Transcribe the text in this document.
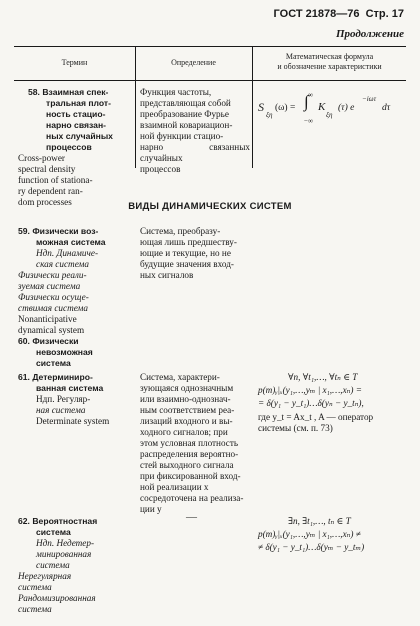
ГОСТ 21878—76 Стр. 17
Продолжение
Термин	Определение
Математическая формула
и обозначение характеристики
58. Взаимная спек-
тральная плот-
ность стацио-
нарно связан-
ных случайных
процессов
Cross-power
spectral density
function of stationa-
ry dependent ran-
dom processes
Функция частоты,
представляющая собой
преобразование Фурье
взаимной ковариацион-
ной функции стацио-
нарно связанных случайных
процессов
S
ξη
(ω) =
∞
∫
−∞
K
ξη
(τ) e
−iωτ
dτ
ВИДЫ ДИНАМИЧЕСКИХ СИСТЕМ
59. Физически воз-
можная система
Ндп. Динамиче-
ская система
Физически реали-
зуемая система
Физически осуще-
ствимая система
Nonanticipative
dynamical system
Система, преобразу-
ющая лишь предшеству-
ющие и текущие, но не
будущие значения вход-
ных сигналов
60. Физически
невозможная
система
61. Детерминиро-
ванная система
Ндп. Регуляр-
ная система
Determinate system
Система, характери-
зующаяся однозначным
или взаимно-однознач-
ным соответствием реа-
лизаций входного и вы-
ходного сигналов; при
этом условная плотность
распределения вероятно-
стей выходного сигнала
при фиксированной вход-
ной реализации x
сосредоточена на реализа-
ции y
∀n, ∀t₁,…, ∀tₙ ∈ T
p(m)ᵧ|ₓ(y₁,…,yₘ | x₁,…,xₙ) =
= δ(y₁ − y_t₁)…δ(yₙ − y_tₙ),
где y_t = Ax_t , A — оператор
системы (см. п. 73)
62. Вероятностная
система
Ндп. Недетер-
минированная
система
Нерегулярная
система
Рандомизированная
система
—	∃n, ∃t₁,…, tₙ ∈ T
p(m)ᵧ|ₓ(y₁,…,yₘ | x₁,…,xₙ) ≠
≠ δ(y₁ − y_t₁)…δ(yₘ − y_tₘ)
